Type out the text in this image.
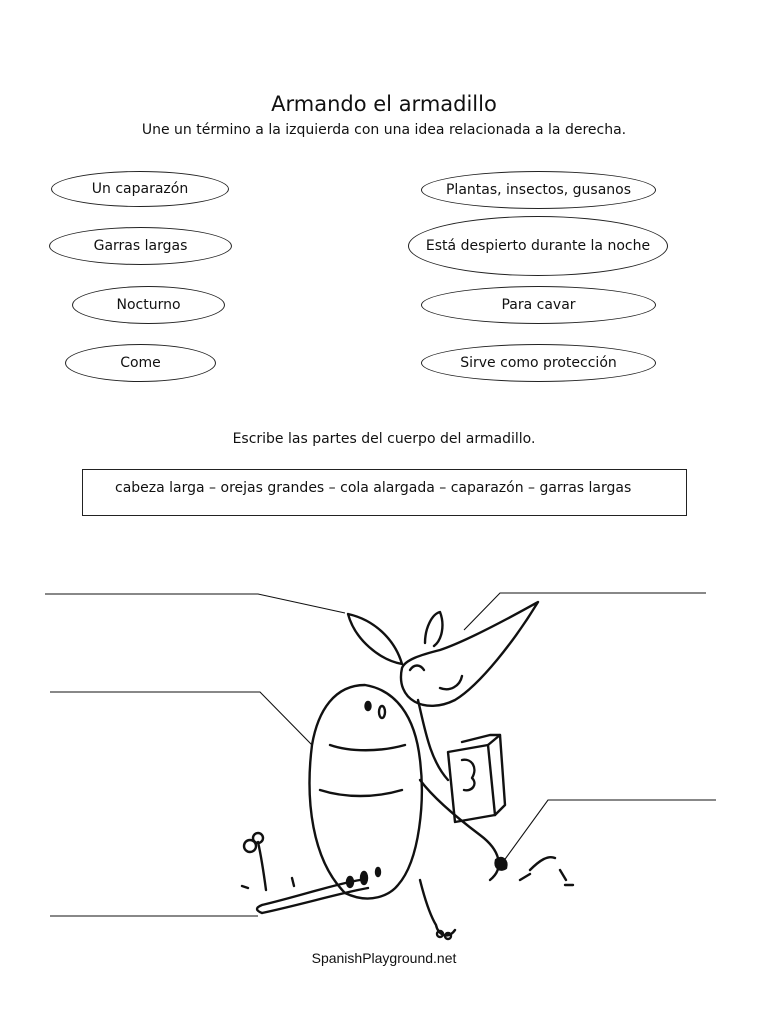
Armando el armadillo
Une un término a la izquierda con una idea relacionada a la derecha.
Un caparazón
Garras largas
Nocturno
Come
Plantas, insectos, gusanos
Está despierto durante la noche
Para cavar
Sirve como protección
Escribe las partes del cuerpo del armadillo.
cabeza larga – orejas grandes – cola alargada – caparazón – garras largas
SpanishPlayground.net
